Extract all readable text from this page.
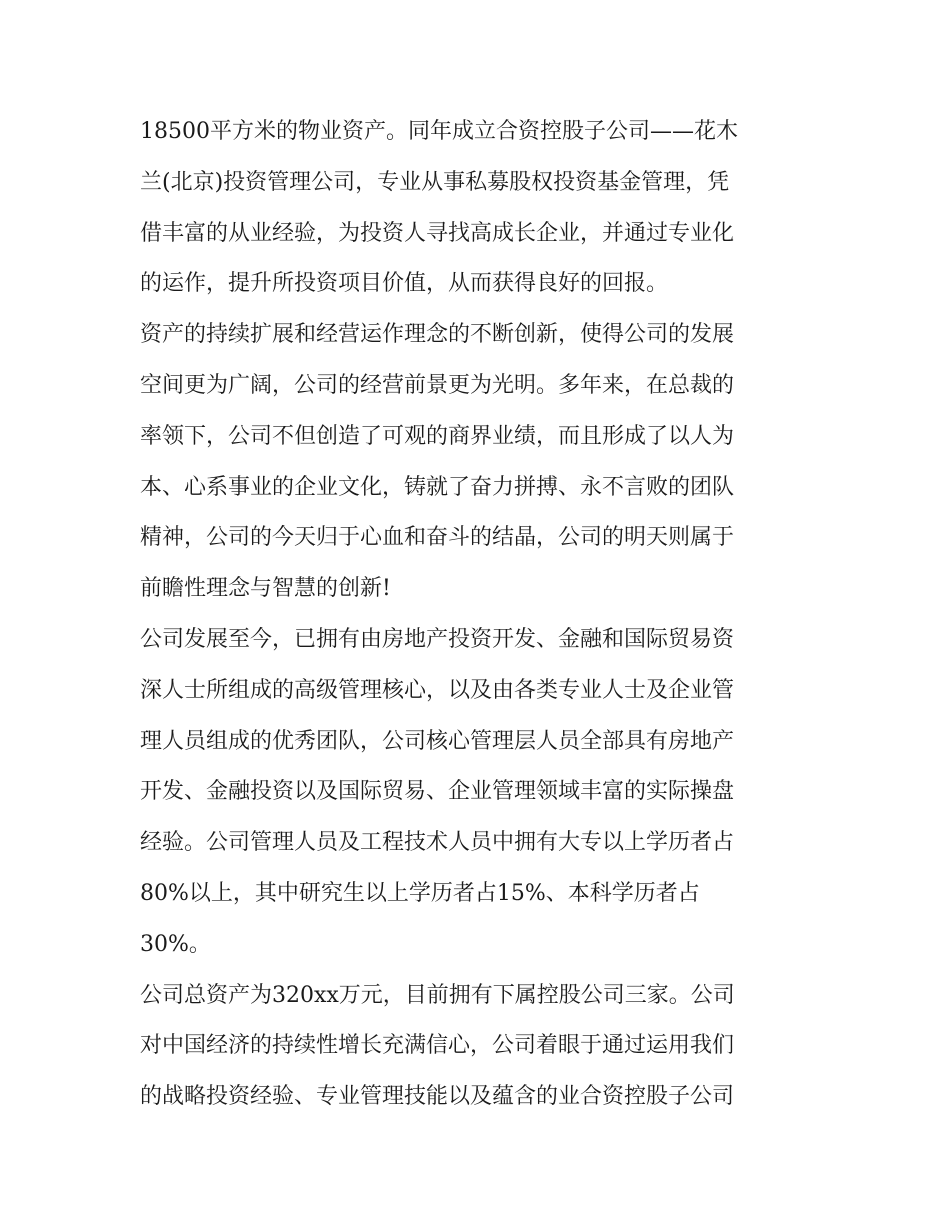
18500平方米的物业资产。同年成立合资控股子公司——花木
兰(北京)投资管理公司，专业从事私募股权投资基金管理，凭
借丰富的从业经验，为投资人寻找高成长企业，并通过专业化
的运作，提升所投资项目价值，从而获得良好的回报。
资产的持续扩展和经营运作理念的不断创新，使得公司的发展
空间更为广阔，公司的经营前景更为光明。多年来，在总裁的
率领下，公司不但创造了可观的商界业绩，而且形成了以人为
本、心系事业的企业文化，铸就了奋力拼搏、永不言败的团队
精神，公司的今天归于心血和奋斗的结晶，公司的明天则属于
前瞻性理念与智慧的创新!
公司发展至今，已拥有由房地产投资开发、金融和国际贸易资
深人士所组成的高级管理核心，以及由各类专业人士及企业管
理人员组成的优秀团队，公司核心管理层人员全部具有房地产
开发、金融投资以及国际贸易、企业管理领域丰富的实际操盘
经验。公司管理人员及工程技术人员中拥有大专以上学历者占
80%以上，其中研究生以上学历者占15%、本科学历者占
30%。
公司总资产为320xx万元，目前拥有下属控股公司三家。公司
对中国经济的持续性增长充满信心，公司着眼于通过运用我们
的战略投资经验、专业管理技能以及蕴含的业合资控股子公司
